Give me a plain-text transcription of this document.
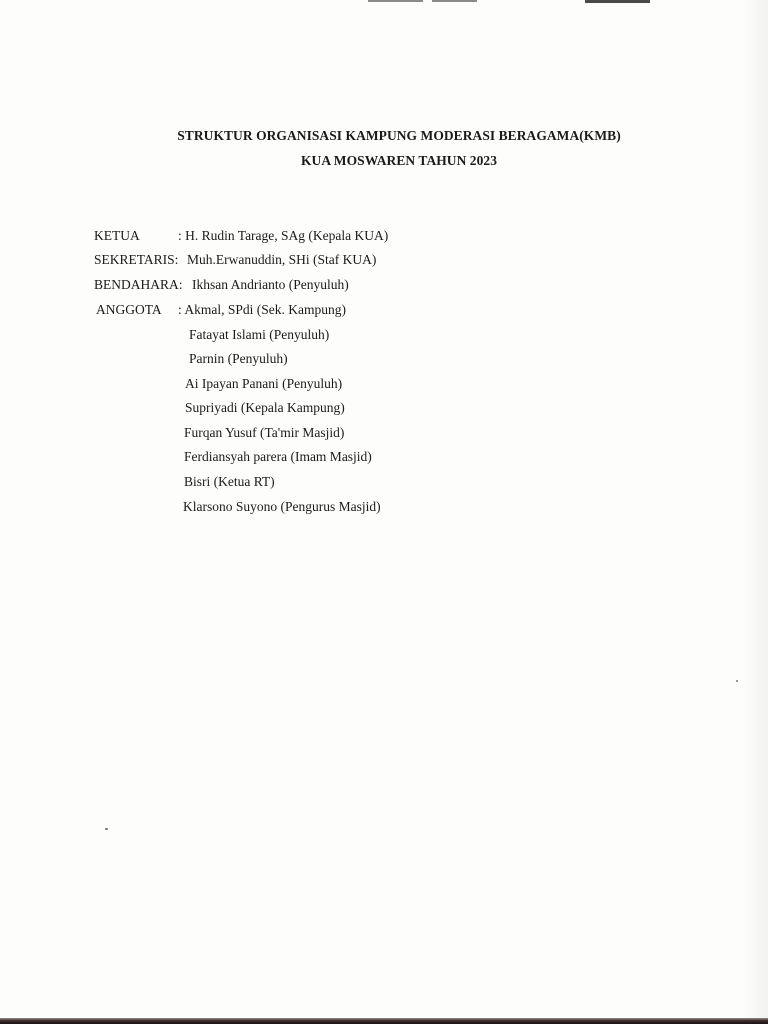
STRUKTUR ORGANISASI KAMPUNG MODERASI BERAGAMA(KMB)
KUA MOSWAREN TAHUN 2023
KETUA	: H. Rudin Tarage, SAg (Kepala KUA)
SEKRETARIS: Muh.Erwanuddin, SHi (Staf KUA)
BENDAHARA: Ikhsan Andrianto (Penyuluh)
ANGGOTA : Akmal, SPdi (Sek. Kampung)
Fatayat Islami (Penyuluh)
Parnin (Penyuluh)
Ai Ipayan Panani (Penyuluh)
Supriyadi (Kepala Kampung)
Furqan Yusuf (Ta'mir Masjid)
Ferdiansyah parera (Imam Masjid)
Bisri (Ketua RT)
Klarsono Suyono (Pengurus Masjid)
